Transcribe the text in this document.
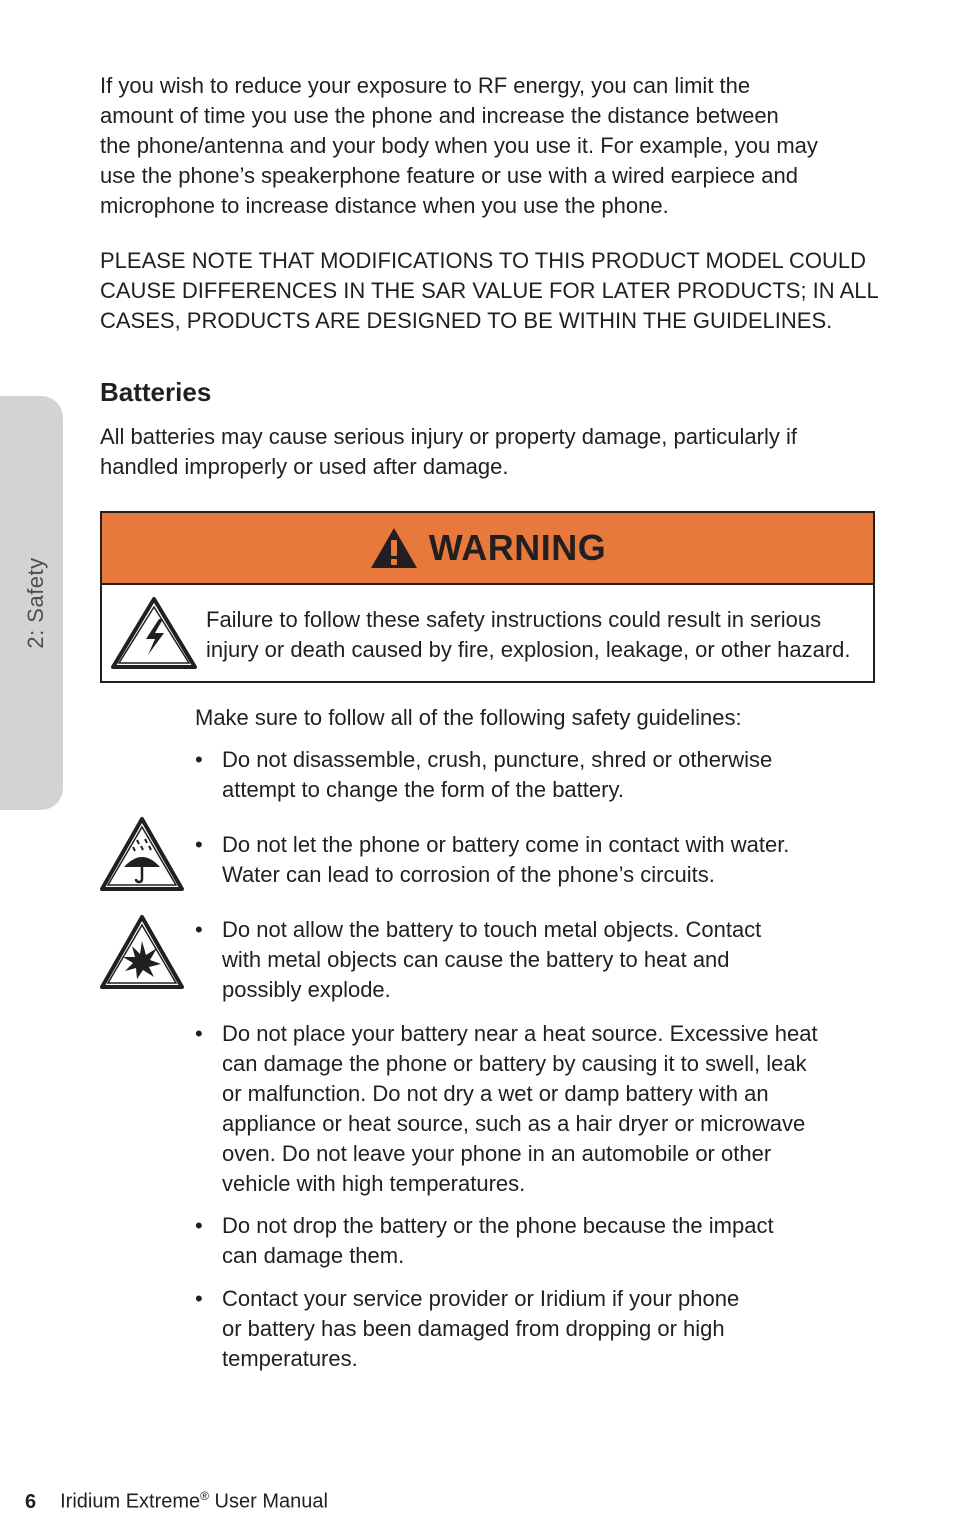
2: Safety

If you wish to reduce your exposure to RF energy, you can limit the
amount of time you use the phone and increase the distance between
the phone/antenna and your body when you use it. For example, you may
use the phone’s speakerphone feature or use with a wired earpiece and
microphone to increase distance when you use the phone.

PLEASE NOTE THAT MODIFICATIONS TO THIS PRODUCT MODEL COULD
CAUSE DIFFERENCES IN THE SAR VALUE FOR LATER PRODUCTS; IN ALL
CASES, PRODUCTS ARE DESIGNED TO BE WITHIN THE GUIDELINES.

Batteries

All batteries may cause serious injury or property damage, particularly if
handled improperly or used after damage.

WARNING
Failure to follow these safety instructions could result in serious
injury or death caused by fire, explosion, leakage, or other hazard.

Make sure to follow all of the following safety guidelines:

• Do not disassemble, crush, puncture, shred or otherwise
attempt to change the form of the battery.
• Do not let the phone or battery come in contact with water.
Water can lead to corrosion of the phone’s circuits.
• Do not allow the battery to touch metal objects. Contact
with metal objects can cause the battery to heat and
possibly explode.
• Do not place your battery near a heat source. Excessive heat
can damage the phone or battery by causing it to swell, leak
or malfunction. Do not dry a wet or damp battery with an
appliance or heat source, such as a hair dryer or microwave
oven. Do not leave your phone in an automobile or other
vehicle with high temperatures.
• Do not drop the battery or the phone because the impact
can damage them.
• Contact your service provider or Iridium if your phone
or battery has been damaged from dropping or high
temperatures.
6 Iridium Extreme® User Manual
